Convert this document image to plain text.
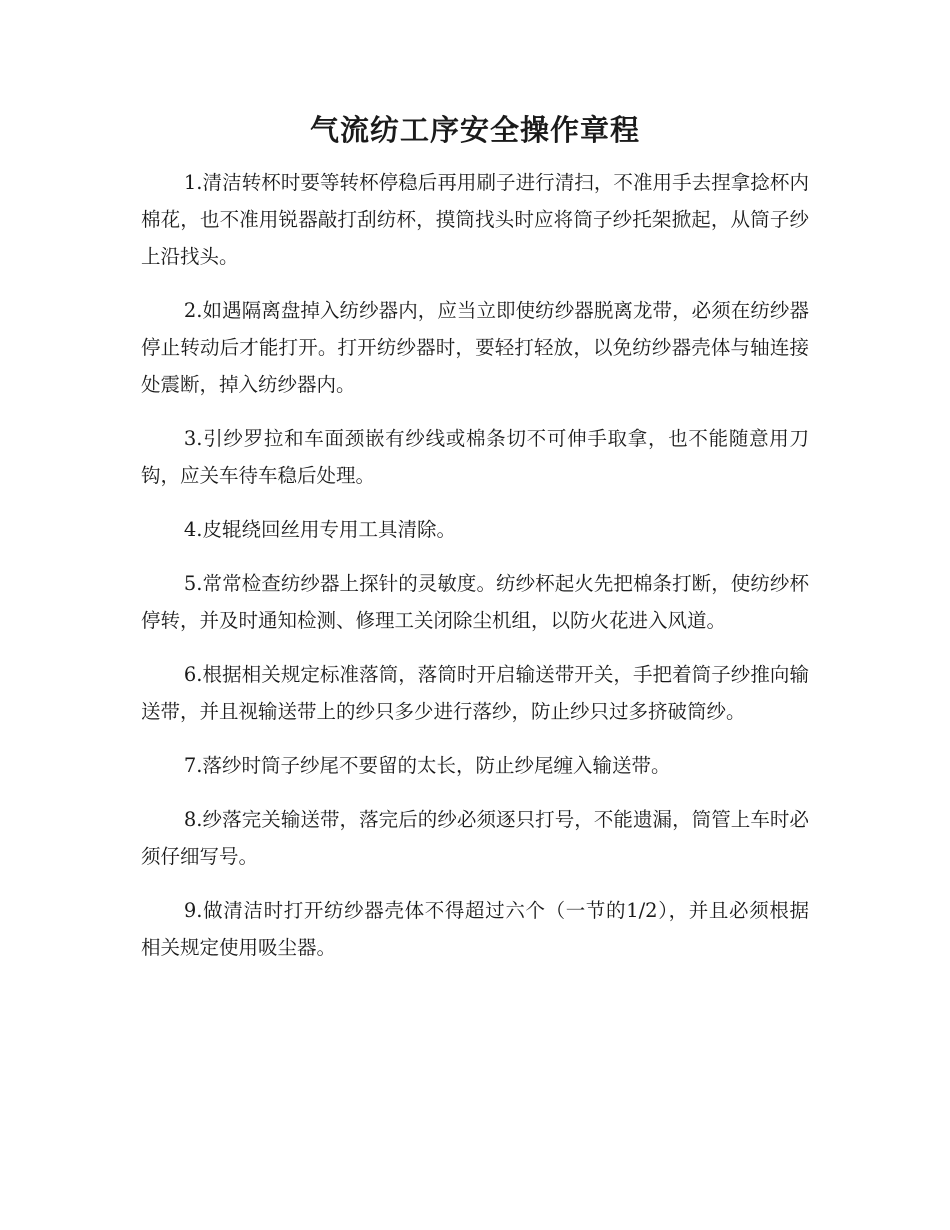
气流纺工序安全操作章程

1.清洁转杯时要等转杯停稳后再用刷子进行清扫，不准用手去捏拿捻杯内棉花，也不准用锐器敲打刮纺杯，摸筒找头时应将筒子纱托架掀起，从筒子纱上沿找头。

2.如遇隔离盘掉入纺纱器内，应当立即使纺纱器脱离龙带，必须在纺纱器停止转动后才能打开。打开纺纱器时，要轻打轻放，以免纺纱器壳体与轴连接处震断，掉入纺纱器内。

3.引纱罗拉和车面颈嵌有纱线或棉条切不可伸手取拿，也不能随意用刀钩，应关车待车稳后处理。

4.皮辊绕回丝用专用工具清除。

5.常常检查纺纱器上探针的灵敏度。纺纱杯起火先把棉条打断，使纺纱杯停转，并及时通知检测、修理工关闭除尘机组，以防火花进入风道。

6.根据相关规定标准落筒，落筒时开启输送带开关，手把着筒子纱推向输送带，并且视输送带上的纱只多少进行落纱，防止纱只过多挤破筒纱。

7.落纱时筒子纱尾不要留的太长，防止纱尾缠入输送带。

8.纱落完关输送带，落完后的纱必须逐只打号，不能遗漏，筒管上车时必须仔细写号。

9.做清洁时打开纺纱器壳体不得超过六个（一节的1/2），并且必须根据相关规定使用吸尘器。
